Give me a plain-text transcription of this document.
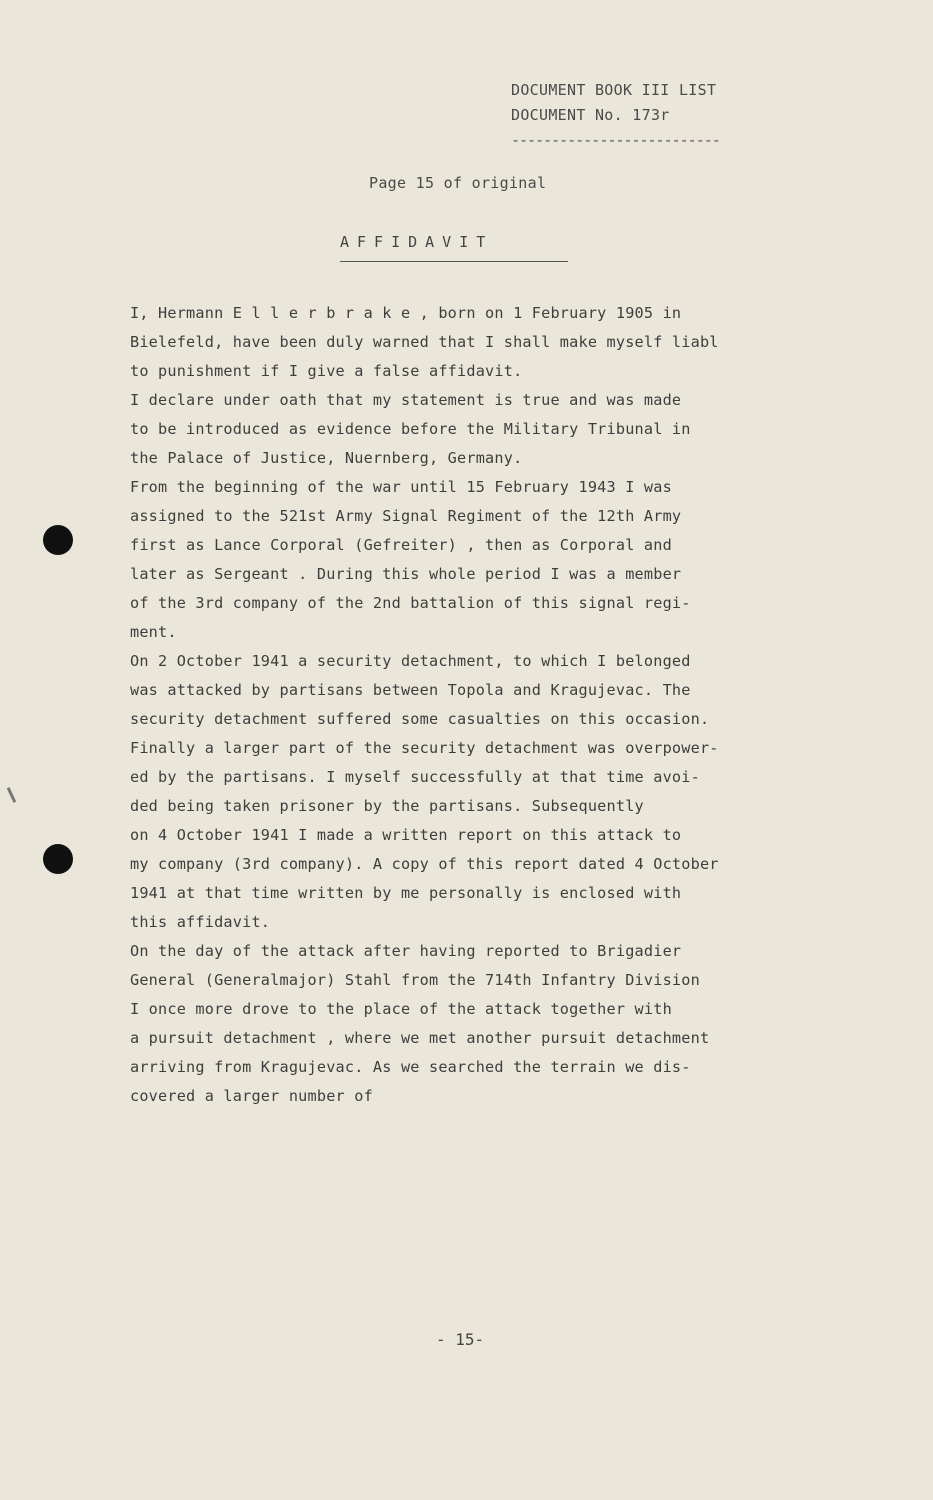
DOCUMENT BOOK III LIST
DOCUMENT No. 173r
--------------------------
Page 15 of original
AFFIDAVIT
I, Hermann E l l e r b r a k e , born on 1 February 1905 in
Bielefeld, have been duly warned that I shall make myself liabl
to punishment if I give a false affidavit.
I declare under oath that my statement is true and was made
to be introduced as evidence before the Military Tribunal in
the Palace of Justice, Nuernberg, Germany.
From the beginning of the war until 15 February 1943 I was
assigned to the 521st Army Signal Regiment of the 12th Army
first as Lance Corporal (Gefreiter) , then as Corporal and
later as Sergeant . During this whole period I was a member
of the 3rd company of the 2nd battalion of this signal regi-
ment.
On 2 October 1941 a security detachment, to which I belonged
was attacked by partisans between Topola and Kragujevac. The
security detachment suffered some casualties on this occasion.
Finally a larger part of the security detachment was overpower-
ed by the partisans. I myself successfully at that time avoi-
ded being taken prisoner by the partisans. Subsequently
on 4 October 1941 I made a written report on this attack to
my company (3rd company). A copy of this report dated 4 October
1941 at that time written by me personally is enclosed with
this affidavit.
On the day of the attack after having reported to Brigadier
General (Generalmajor) Stahl from the 714th Infantry Division
I once more drove to the place of the attack together with
a pursuit detachment , where we met another pursuit detachment
arriving from Kragujevac. As we searched the terrain we dis-
covered a larger number of
- 15-
